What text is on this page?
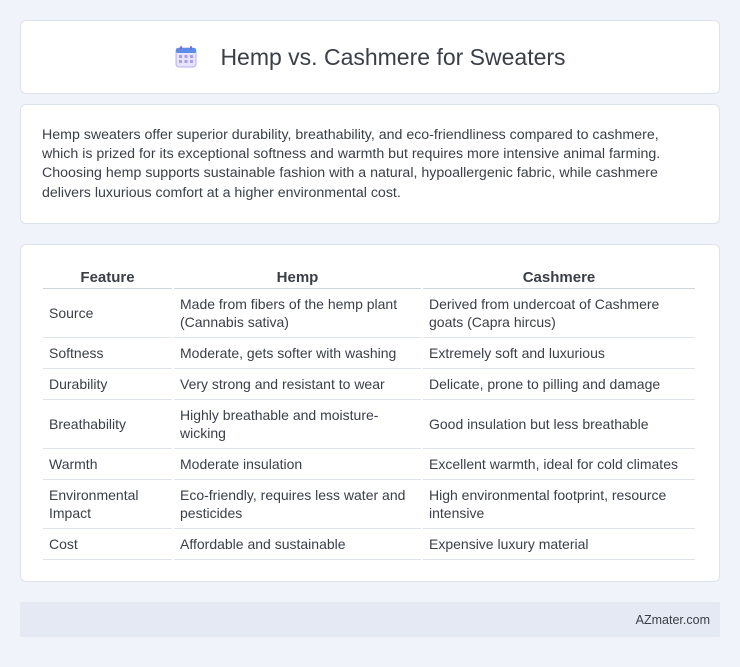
Hemp vs. Cashmere for Sweaters

Hemp sweaters offer superior durability, breathability, and eco-friendliness compared to cashmere, which is prized for its exceptional softness and warmth but requires more intensive animal farming. Choosing hemp supports sustainable fashion with a natural, hypoallergenic fabric, while cashmere delivers luxurious comfort at a higher environmental cost.

Feature	Hemp	Cashmere
Source	Made from fibers of the hemp plant (Cannabis sativa)	Derived from undercoat of Cashmere goats (Capra hircus)
Softness	Moderate, gets softer with washing	Extremely soft and luxurious
Durability	Very strong and resistant to wear	Delicate, prone to pilling and damage
Breathability	Highly breathable and moisture-wicking	Good insulation but less breathable
Warmth	Moderate insulation	Excellent warmth, ideal for cold climates
Environmental Impact	Eco-friendly, requires less water and pesticides	High environmental footprint, resource intensive
Cost	Affordable and sustainable	Expensive luxury material
AZmater.com
